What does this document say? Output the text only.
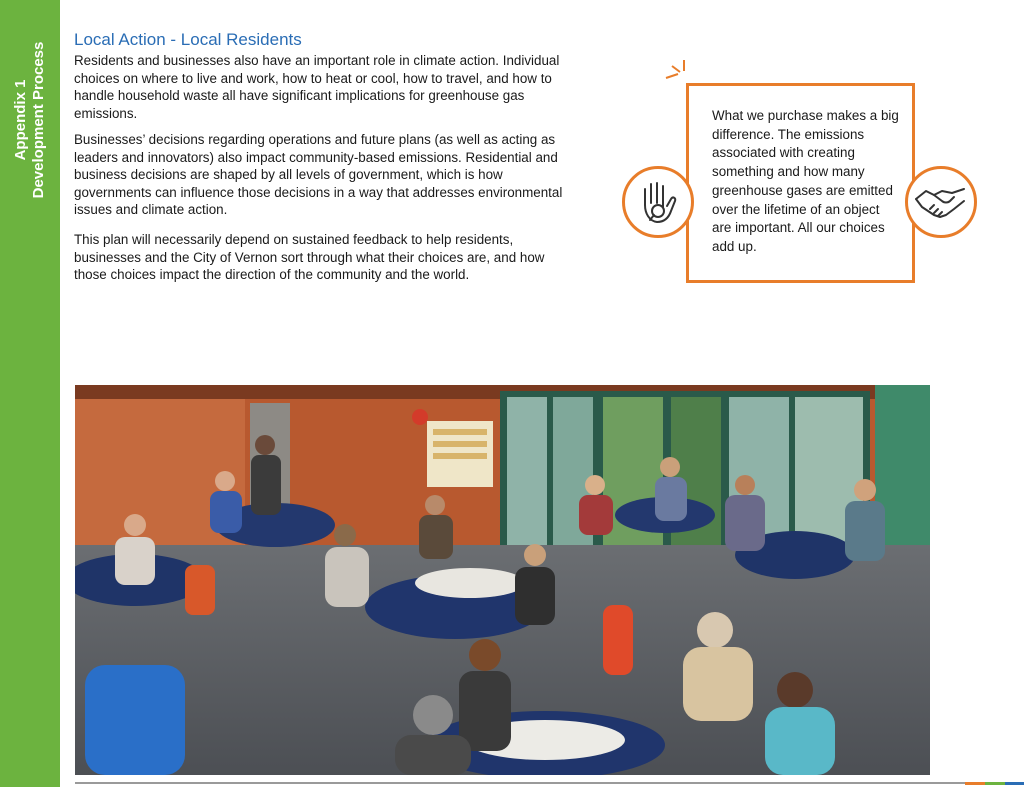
Appendix 1 Development Process
Local Action - Local Residents

Residents and businesses also have an important role in climate action. Individual choices on where to live and work, how to heat or cool, how to travel, and how to handle household waste all have significant implications for greenhouse gas emissions.

Businesses’ decisions regarding operations and future plans (as well as acting as leaders and innovators) also impact community-based emissions. Residential and business decisions are shaped by all levels of government, which is how governments can influence those decisions in a way that addresses environmental issues and climate action.

This plan will necessarily depend on sustained feedback to help residents, businesses and the City of Vernon sort through what their choices are, and how those choices impact the direction of the community and the world.

What we purchase makes a big difference. The emissions associated with creating something and how many greenhouse gases are emitted over the lifetime of an object are important. All our choices add up.
